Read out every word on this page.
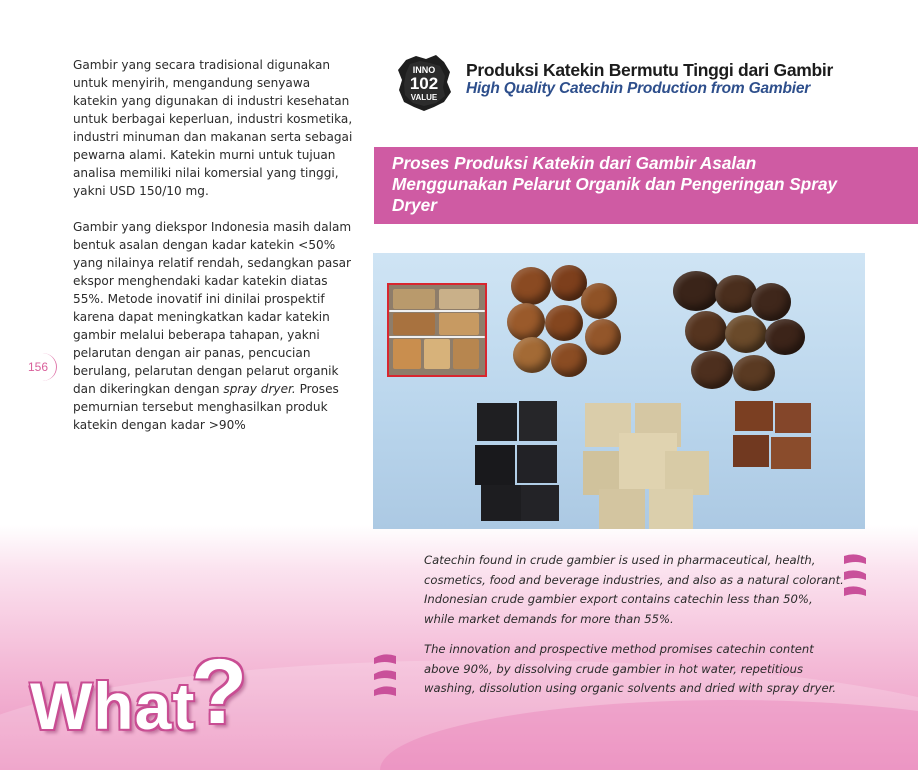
156

Gambir yang secara tradisional digunakan untuk menyirih, mengandung senyawa katekin yang digunakan di industri kesehatan untuk berbagai keperluan, industri kosmetika, industri minuman dan makanan serta sebagai pewarna alami. Katekin murni untuk tujuan analisa memiliki nilai komersial yang tinggi, yakni USD 150/10 mg.

Gambir yang diekspor Indonesia masih dalam bentuk asalan dengan kadar katekin <50% yang nilainya relatif rendah, sedangkan pasar ekspor menghendaki kadar katekin diatas 55%. Metode inovatif ini dinilai prospektif karena dapat meningkatkan kadar katekin gambir melalui beberapa tahapan, yakni pelarutan dengan air panas, pencucian berulang, pelarutan dengan pelarut organik dan dikeringkan dengan spray dryer. Proses pemurnian tersebut menghasilkan produk katekin dengan kadar >90%

INNO
102
VALUE
Produksi Katekin Bermutu Tinggi dari Gambir
High Quality Catechin Production from Gambier
Proses Produksi Katekin dari Gambir Asalan Menggunakan Pelarut Organik dan Pengeringan Spray Dryer

Catechin found in crude gambier is used in pharmaceutical, health, cosmetics, food and beverage industries, and also as a natural colorant. Indonesian crude gambier export contains catechin less than 50%, while market demands for more than 55%.

The innovation and prospective method promises catechin content above 90%, by dissolving crude gambier in hot water, repetitious washing, dissolution using organic solvents and dried with spray dryer.

What
?
